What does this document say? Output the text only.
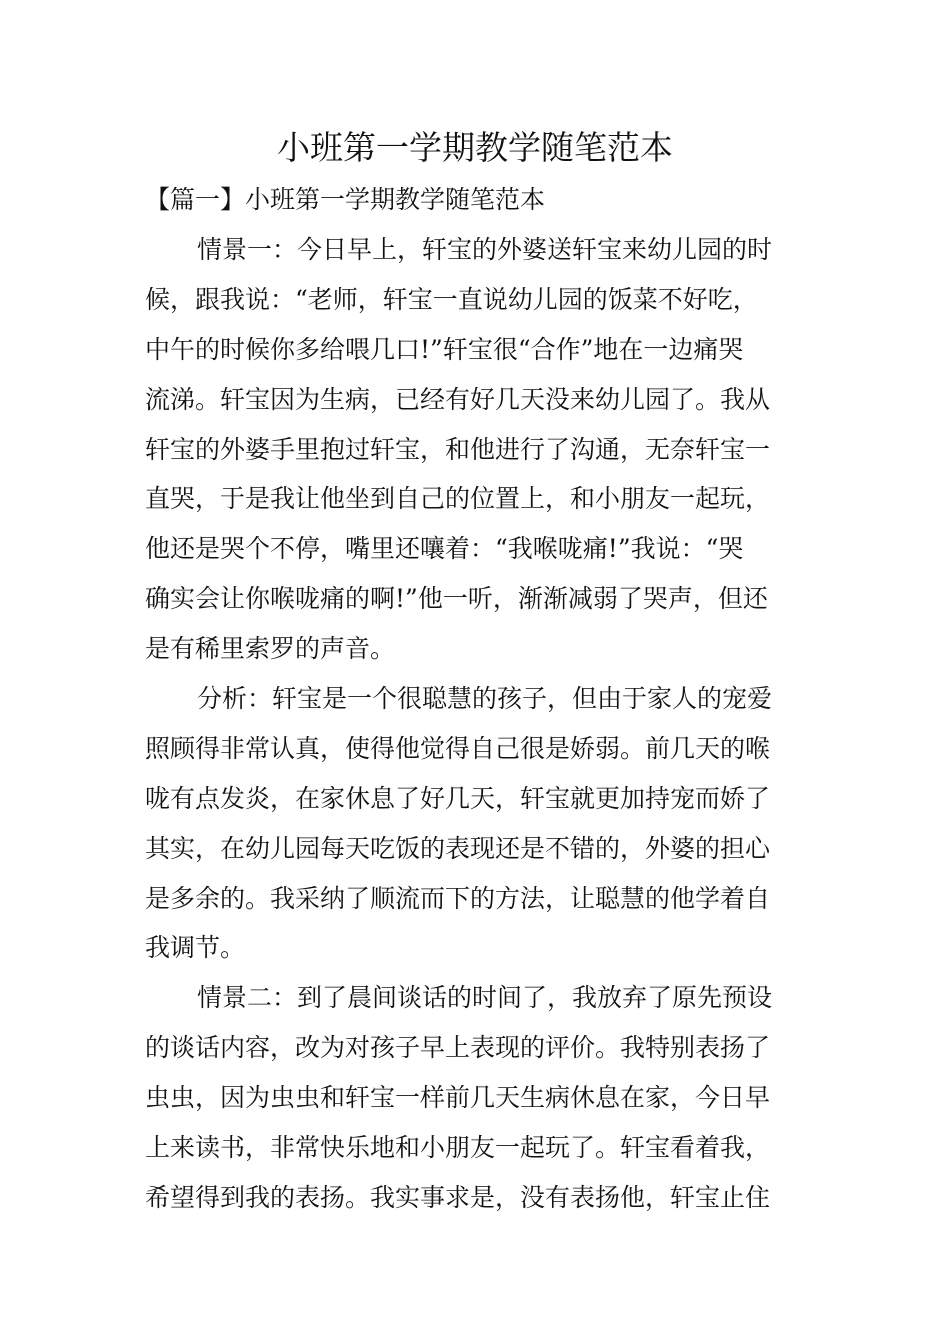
小班第一学期教学随笔范本

【篇一】小班第一学期教学随笔范本

情景一：今日早上，轩宝的外婆送轩宝来幼儿园的时
候，跟我说：“老师，轩宝一直说幼儿园的饭菜不好吃，
中午的时候你多给喂几口!”轩宝很“合作”地在一边痛哭
流涕。轩宝因为生病，已经有好几天没来幼儿园了。我从
轩宝的外婆手里抱过轩宝，和他进行了沟通，无奈轩宝一
直哭，于是我让他坐到自己的位置上，和小朋友一起玩，
他还是哭个不停，嘴里还嚷着：“我喉咙痛!”我说：“哭
确实会让你喉咙痛的啊!”他一听，渐渐减弱了哭声，但还
是有稀里索罗的声音。
分析：轩宝是一个很聪慧的孩子，但由于家人的宠爱
照顾得非常认真，使得他觉得自己很是娇弱。前几天的喉
咙有点发炎，在家休息了好几天，轩宝就更加持宠而娇了
其实，在幼儿园每天吃饭的表现还是不错的，外婆的担心
是多余的。我采纳了顺流而下的方法，让聪慧的他学着自
我调节。
情景二：到了晨间谈话的时间了，我放弃了原先预设
的谈话内容，改为对孩子早上表现的评价。我特别表扬了
虫虫，因为虫虫和轩宝一样前几天生病休息在家，今日早
上来读书，非常快乐地和小朋友一起玩了。轩宝看着我，
希望得到我的表扬。我实事求是，没有表扬他，轩宝止住
